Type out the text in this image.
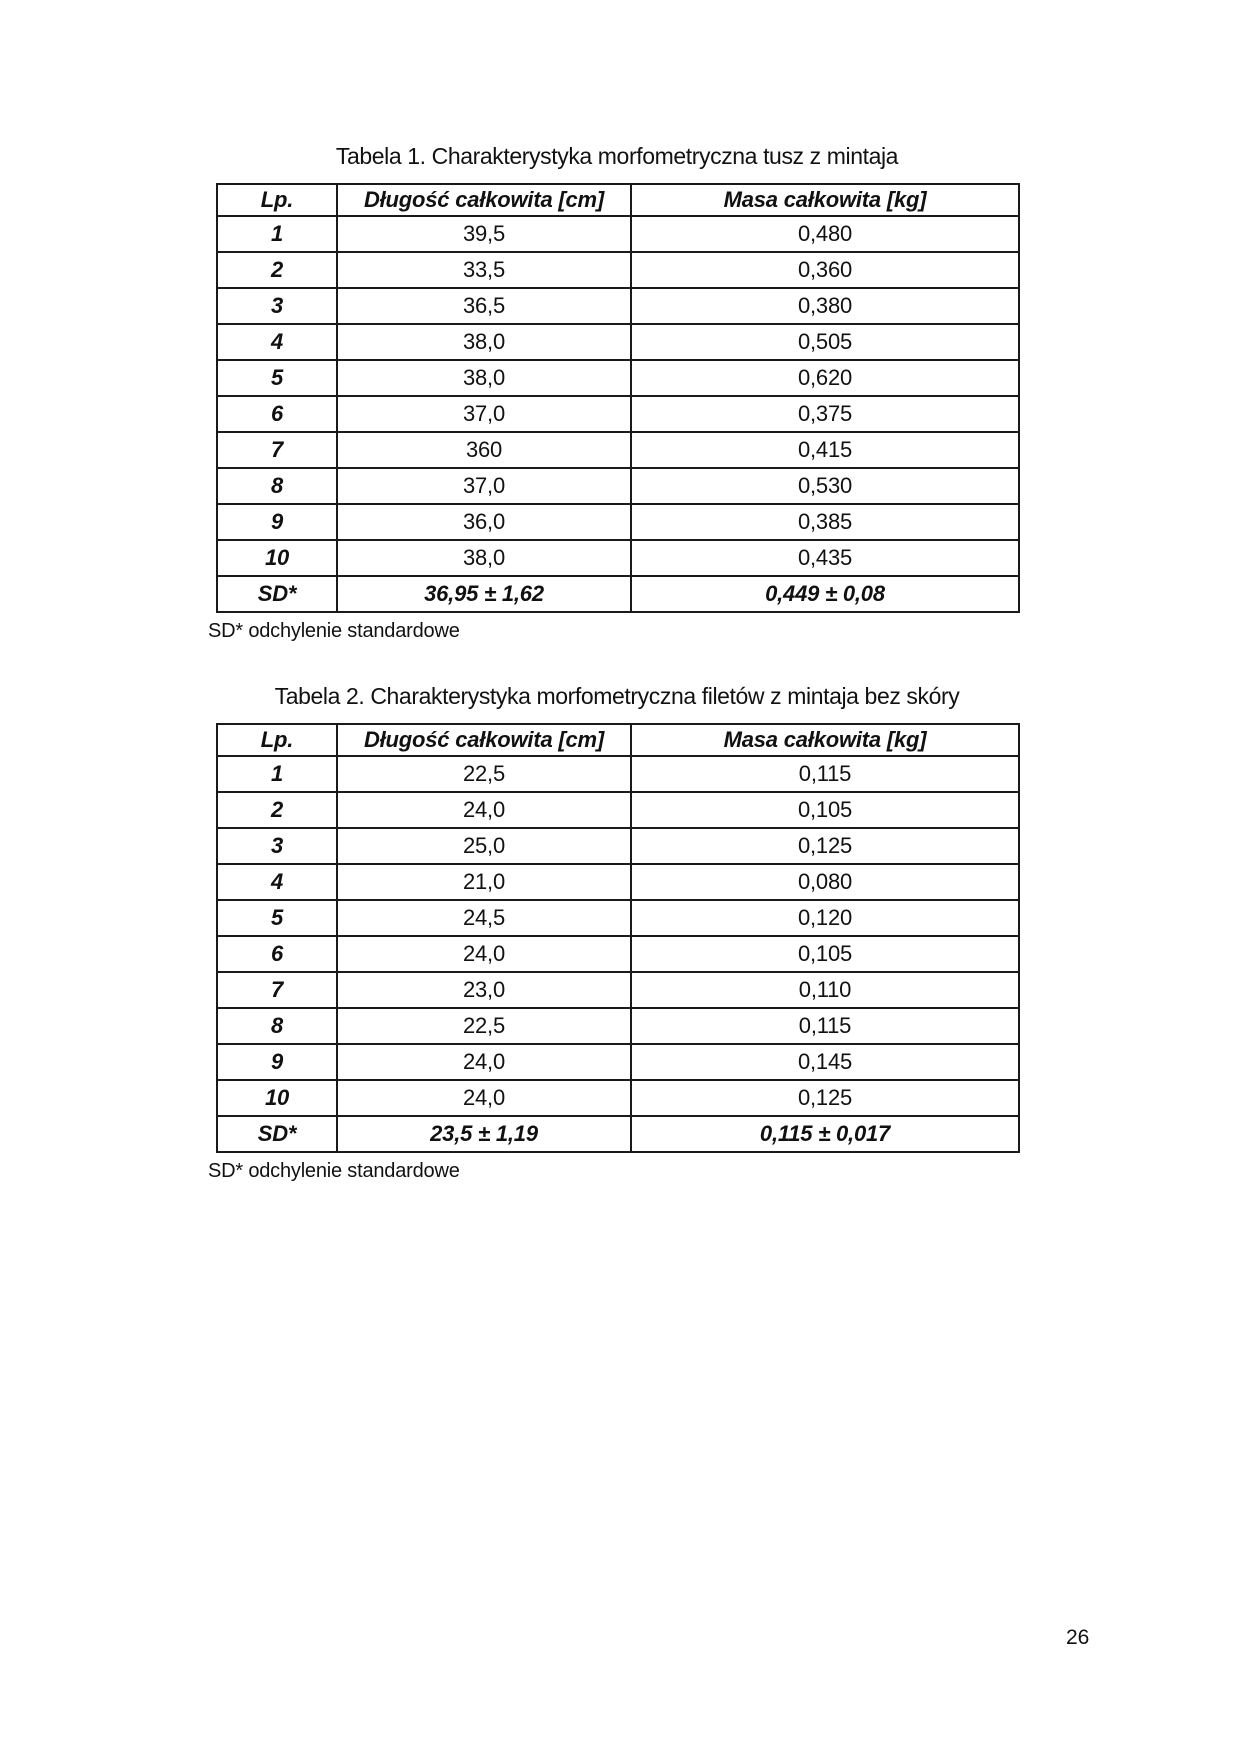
Tabela 1. Charakterystyka morfometryczna tusz z mintaja
Lp.	Długość całkowita [cm]	Masa całkowita [kg]
1	39,5	0,480
2	33,5	0,360
3	36,5	0,380
4	38,0	0,505
5	38,0	0,620
6	37,0	0,375
7	360	0,415
8	37,0	0,530
9	36,0	0,385
10	38,0	0,435
SD*	36,95 ± 1,62	0,449 ± 0,08
SD* odchylenie standardowe
Tabela 2. Charakterystyka morfometryczna filetów z mintaja bez skóry
Lp.	Długość całkowita [cm]	Masa całkowita [kg]
1	22,5	0,115
2	24,0	0,105
3	25,0	0,125
4	21,0	0,080
5	24,5	0,120
6	24,0	0,105
7	23,0	0,110
8	22,5	0,115
9	24,0	0,145
10	24,0	0,125
SD*	23,5 ± 1,19	0,115 ± 0,017
SD* odchylenie standardowe
26
